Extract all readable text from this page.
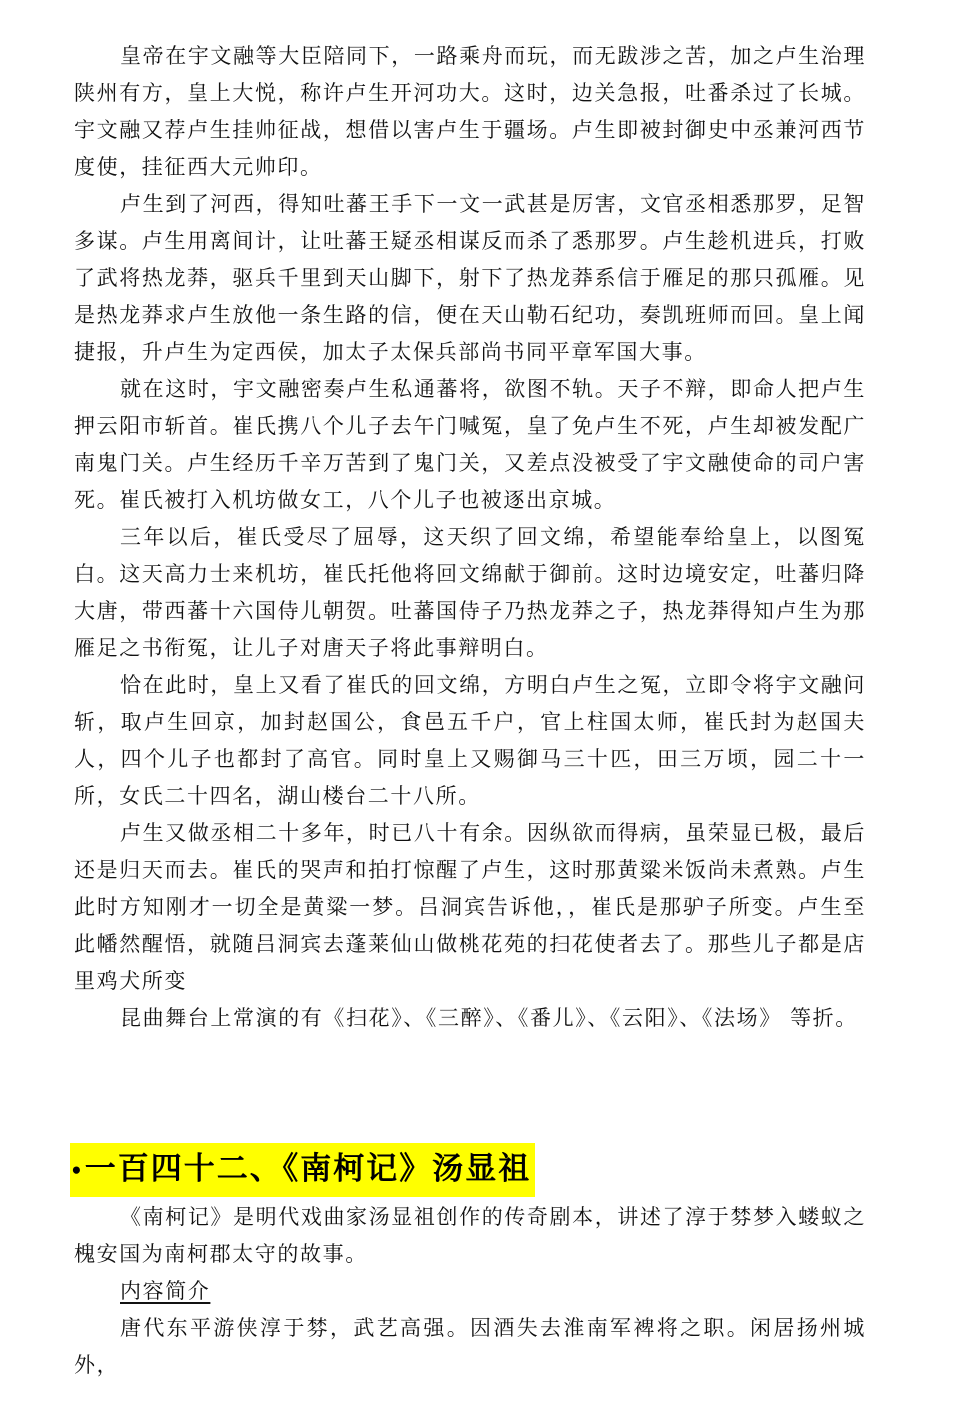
皇帝在宇文融等大臣陪同下，一路乘舟而玩，而无跋涉之苦，加之卢生治理陕州有方，皇上大悦，称许卢生开河功大。这时，边关急报，吐番杀过了长城。宇文融又荐卢生挂帅征战，想借以害卢生于疆场。卢生即被封御史中丞兼河西节度使，挂征西大元帅印。

卢生到了河西，得知吐蕃王手下一文一武甚是厉害，文官丞相悉那罗，足智多谋。卢生用离间计，让吐蕃王疑丞相谋反而杀了悉那罗。卢生趁机进兵，打败了武将热龙莽，驱兵千里到天山脚下，射下了热龙莽系信于雁足的那只孤雁。见是热龙莽求卢生放他一条生路的信，便在天山勒石纪功，奏凯班师而回。皇上闻捷报，升卢生为定西侯，加太子太保兵部尚书同平章军国大事。

就在这时，宇文融密奏卢生私通蕃将，欲图不轨。天子不辩，即命人把卢生押云阳市斩首。崔氏携八个儿子去午门喊冤，皇了免卢生不死，卢生却被发配广南鬼门关。卢生经历千辛万苦到了鬼门关，又差点没被受了宇文融使命的司户害死。崔氏被打入机坊做女工，八个儿子也被逐出京城。

三年以后，崔氏受尽了屈辱，这天织了回文绵，希望能奉给皇上，以图冤白。这天高力士来机坊，崔氏托他将回文绵献于御前。这时边境安定，吐蕃归降大唐，带西蕃十六国侍儿朝贺。吐蕃国侍子乃热龙莽之子，热龙莽得知卢生为那雁足之书衔冤，让儿子对唐天子将此事辩明白。

恰在此时，皇上又看了崔氏的回文绵，方明白卢生之冤，立即令将宇文融问斩，取卢生回京，加封赵国公，食邑五千户，官上柱国太师，崔氏封为赵国夫人，四个儿子也都封了高官。同时皇上又赐御马三十匹，田三万顷，园二十一所，女氏二十四名，湖山楼台二十八所。

卢生又做丞相二十多年，时已八十有余。因纵欲而得病，虽荣显已极，最后还是归天而去。崔氏的哭声和拍打惊醒了卢生，这时那黄粱米饭尚未煮熟。卢生此时方知刚才一切全是黄粱一梦。吕洞宾告诉他，，崔氏是那驴子所变。卢生至此幡然醒悟，就随吕洞宾去蓬莱仙山做桃花苑的扫花使者去了。那些儿子都是店里鸡犬所变

昆曲舞台上常演的有《扫花》、《三醉》、《番儿》、《云阳》、《法场》 等折。

•一百四十二、《南柯记》汤显祖

《南柯记》是明代戏曲家汤显祖创作的传奇剧本，讲述了淳于棼梦入蝼蚁之槐安国为南柯郡太守的故事。

内容简介

唐代东平游侠淳于棼，武艺高强。因酒失去淮南军裨将之职。闲居扬州城外，
